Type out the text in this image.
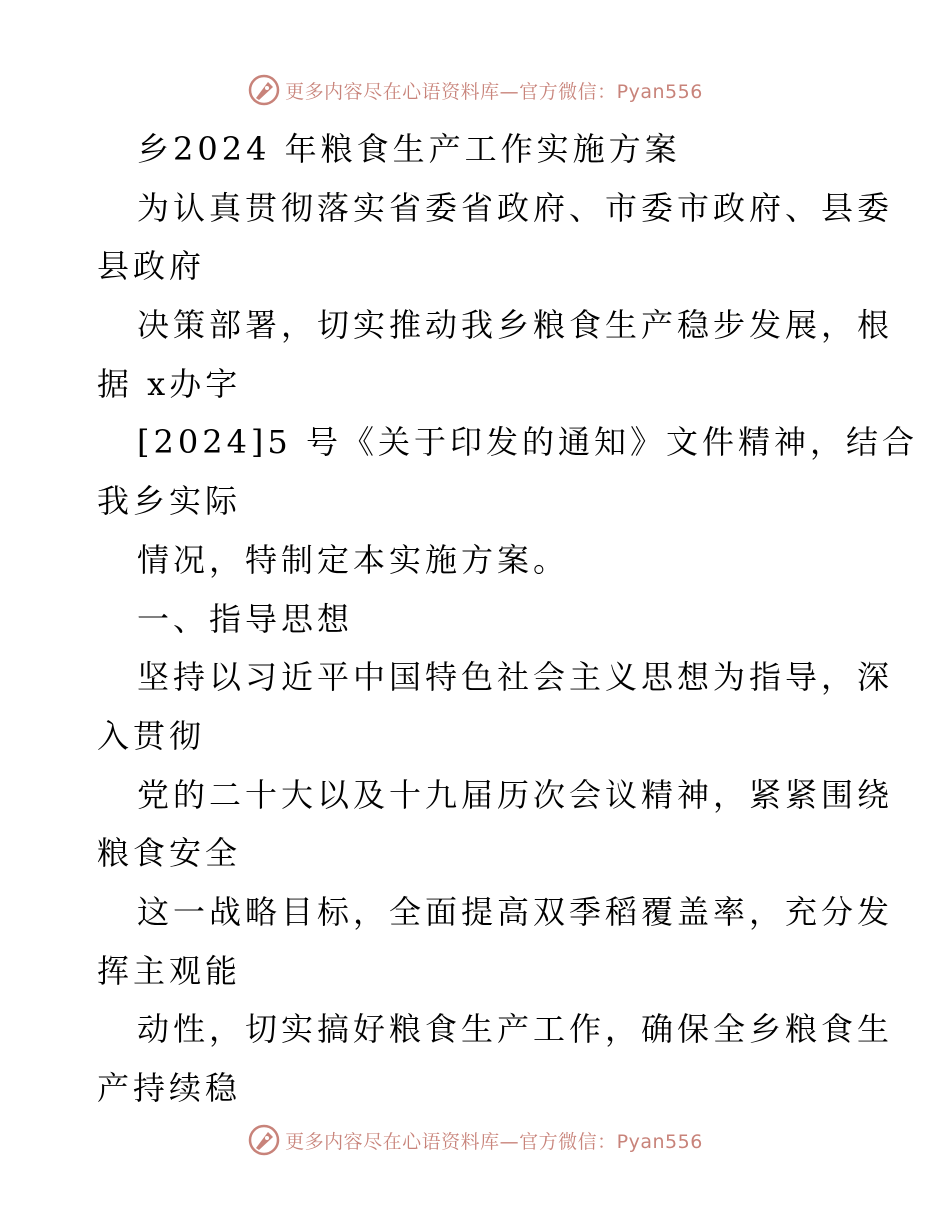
更多内容尽在心语资料库—官方微信：Pyan556
乡2024 年粮食生产工作实施方案
为认真贯彻落实省委省政府、市委市政府、县委
县政府
决策部署，切实推动我乡粮食生产稳步发展，根
据 x办字
[2024]5 号《关于印发的通知》文件精神，结合
我乡实际
情况，特制定本实施方案。
一、指导思想
坚持以习近平中国特色社会主义思想为指导，深
入贯彻
党的二十大以及十九届历次会议精神，紧紧围绕
粮食安全
这一战略目标，全面提高双季稻覆盖率，充分发
挥主观能
动性，切实搞好粮食生产工作，确保全乡粮食生
产持续稳
更多内容尽在心语资料库—官方微信：Pyan556
